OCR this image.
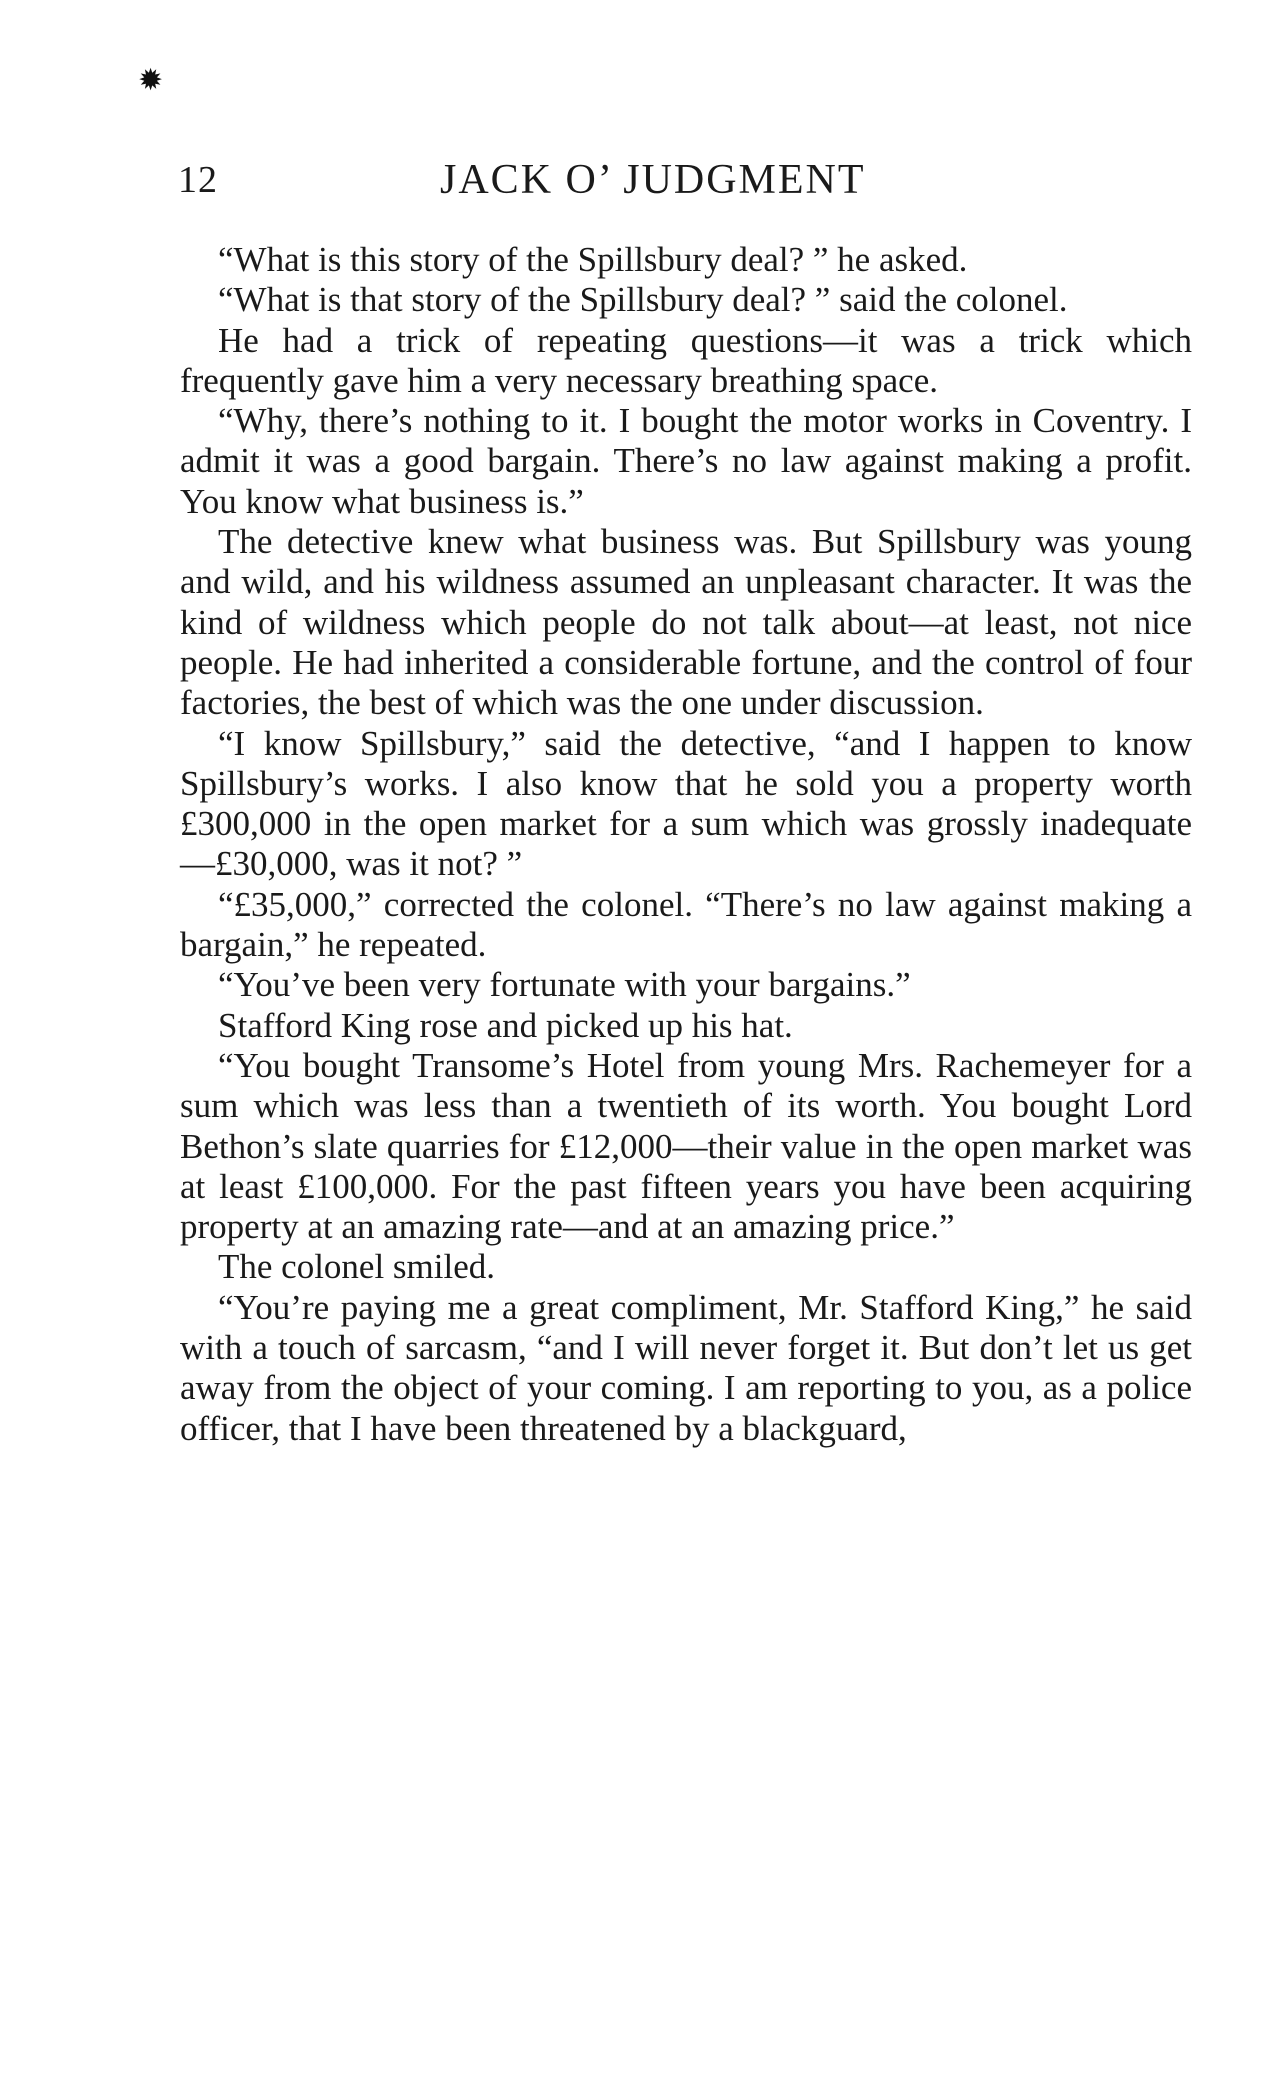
✹
12	JACK O’ JUDGMENT

“What is this story of the Spillsbury deal? ” he asked.

“What is that story of the Spillsbury deal? ” said the colonel.

He had a trick of repeating questions—it was a trick which frequently gave him a very necessary breathing space.

“Why, there’s nothing to it. I bought the motor works in Coventry. I admit it was a good bargain. There’s no law against making a profit. You know what business is.”

The detective knew what business was. But Spillsbury was young and wild, and his wildness assumed an unpleasant character. It was the kind of wildness which people do not talk about—at least, not nice people. He had inherited a considerable fortune, and the control of four factories, the best of which was the one under discussion.

“I know Spillsbury,” said the detective, “and I happen to know Spillsbury’s works. I also know that he sold you a property worth £300,000 in the open market for a sum which was grossly inadequate —£30,000, was it not? ”

“£35,000,” corrected the colonel. “There’s no law against making a bargain,” he repeated.

“You’ve been very fortunate with your bargains.”

Stafford King rose and picked up his hat.

“You bought Transome’s Hotel from young Mrs. Rachemeyer for a sum which was less than a twentieth of its worth. You bought Lord Bethon’s slate quarries for £12,000—their value in the open market was at least £100,000. For the past fifteen years you have been acquiring property at an amazing rate—and at an amazing price.”

The colonel smiled.

“You’re paying me a great compliment, Mr. Stafford King,” he said with a touch of sarcasm, “and I will never forget it. But don’t let us get away from the object of your coming. I am reporting to you, as a police officer, that I have been threatened by a blackguard,
